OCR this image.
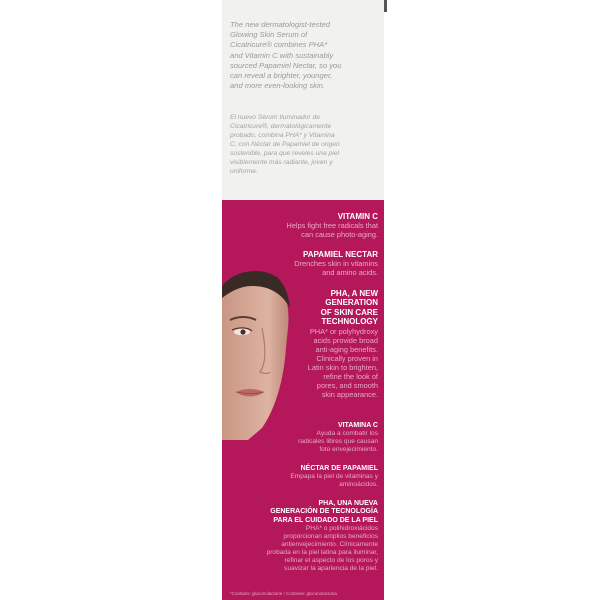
The new dermatologist-tested
Glowing Skin Serum of
Cicatricure® combines PHA*
and Vitamin C with sustainably
sourced Papamiel Nectar, so you
can reveal a brighter, younger,
and more even-looking skin.
El nuevo Sérum Iluminador de
Cicatricure®, dermatológicamente
probado, combina PHA* y Vitamina
C, con Néctar de Papamiel de origen
sostenible, para que reveles una piel
visiblemente más radiante, joven y
uniforme.
VITAMIN C
Helps fight free radicals that
can cause photo-aging.
PAPAMIEL NECTAR
Drenches skin in vitamins
and amino acids.
PHA, A NEW
GENERATION
OF SKIN CARE
TECHNOLOGY
PHA* or polyhydroxy
acids provide broad
anti-aging benefits.
Clinically proven in
Latin skin to brighten,
refine the look of
pores, and smooth
skin appearance.
VITAMINA C
Ayuda a combatir los
radicales libres que causan
foto envejecimiento.
NÉCTAR DE PAPAMIEL
Empapa la piel de vitaminas y
aminoácidos.
PHA, UNA NUEVA
GENERACIÓN DE TECNOLOGÍA
PARA EL CUIDADO DE LA PIEL
PHA* o polihidroxiácidos
proporcionan amplios beneficios
antienvejecimiento. Clínicamente
probada en la piel latina para iluminar,
refinar el aspecto de los poros y
suavizar la apariencia de la piel.
*Contains: gluconolactone / Contiene: gluconolactona
